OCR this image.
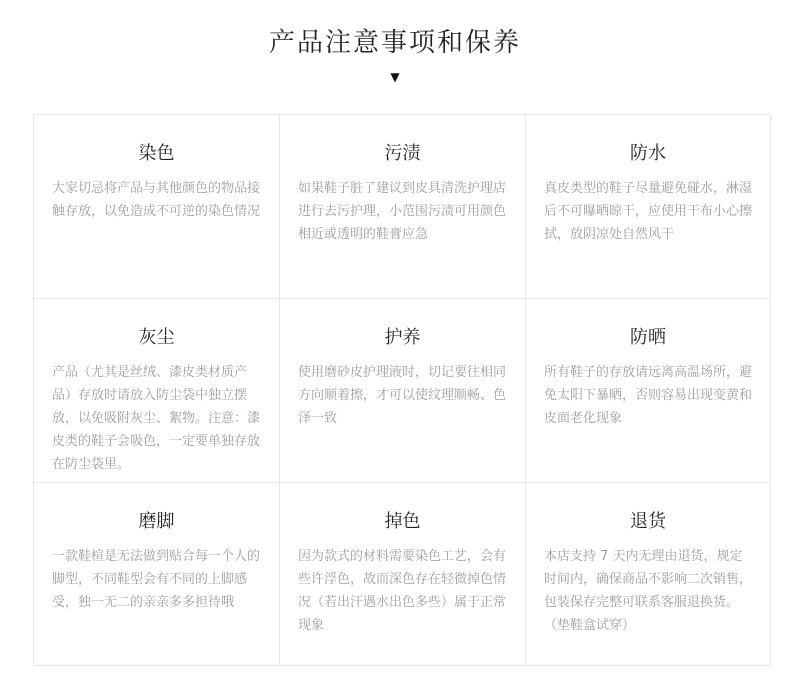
产品注意事项和保养
▼
染色
大家切忌将产品与其他颜色的物品接触存放，以免造成不可逆的染色情况
污渍
如果鞋子脏了建议到皮具清洗护理店进行去污护理，小范围污渍可用颜色相近或透明的鞋膏应急
防水
真皮类型的鞋子尽量避免碰水，淋湿后不可曝晒晾干，应使用干布小心擦拭，放阴凉处自然风干
灰尘
产品（尤其是丝绒、漆皮类材质产品）存放时请放入防尘袋中独立摆放，以免吸附灰尘、絮物。注意：漆皮类的鞋子会吸色，一定要单独存放在防尘袋里。
护养
使用磨砂皮护理液时，切记要往相同方向顺着擦，才可以使纹理顺畅、色泽一致
防晒
所有鞋子的存放请远离高温场所，避免太阳下暴晒，否则容易出现变黄和皮面老化现象
磨脚
一款鞋楦是无法做到贴合每一个人的脚型，不同鞋型会有不同的上脚感受，独一无二的亲亲多多担待哦
掉色
因为款式的材料需要染色工艺，会有些许浮色，故而深色存在轻微掉色情况（若出汗遇水出色多些）属于正常现象
退货
本店支持 7 天内无理由退货，规定时间内，确保商品不影响二次销售，包装保存完整可联系客服退换货。（垫鞋盒试穿）
